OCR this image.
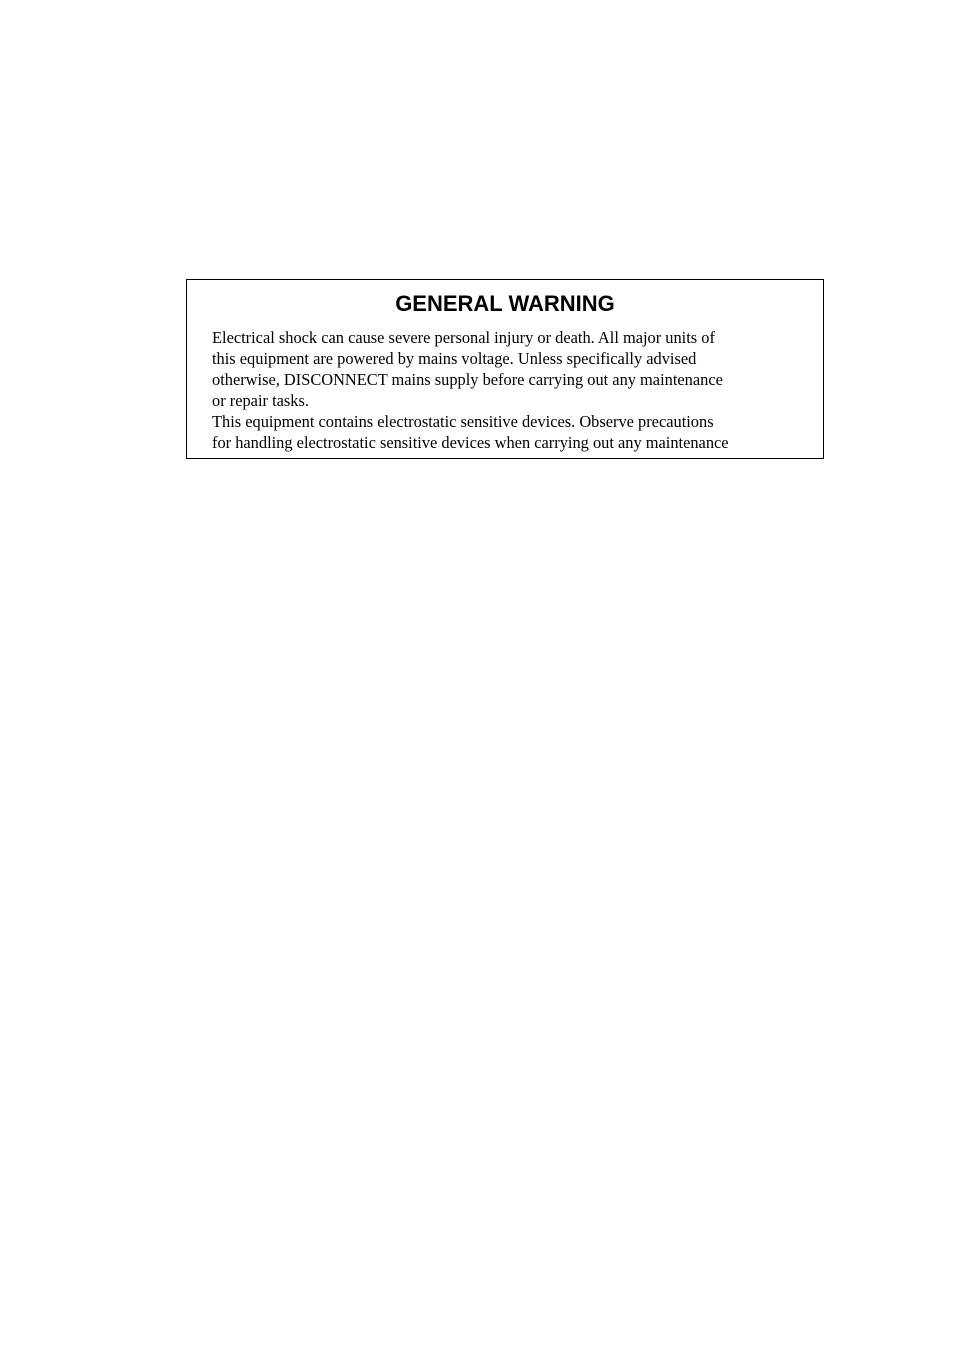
GENERAL WARNING
Electrical shock can cause severe personal injury or death. All major units of
this equipment are powered by mains voltage. Unless specifically advised
otherwise, DISCONNECT mains supply before carrying out any maintenance
or repair tasks.
This equipment contains electrostatic sensitive devices. Observe precautions
for handling electrostatic sensitive devices when carrying out any maintenance
